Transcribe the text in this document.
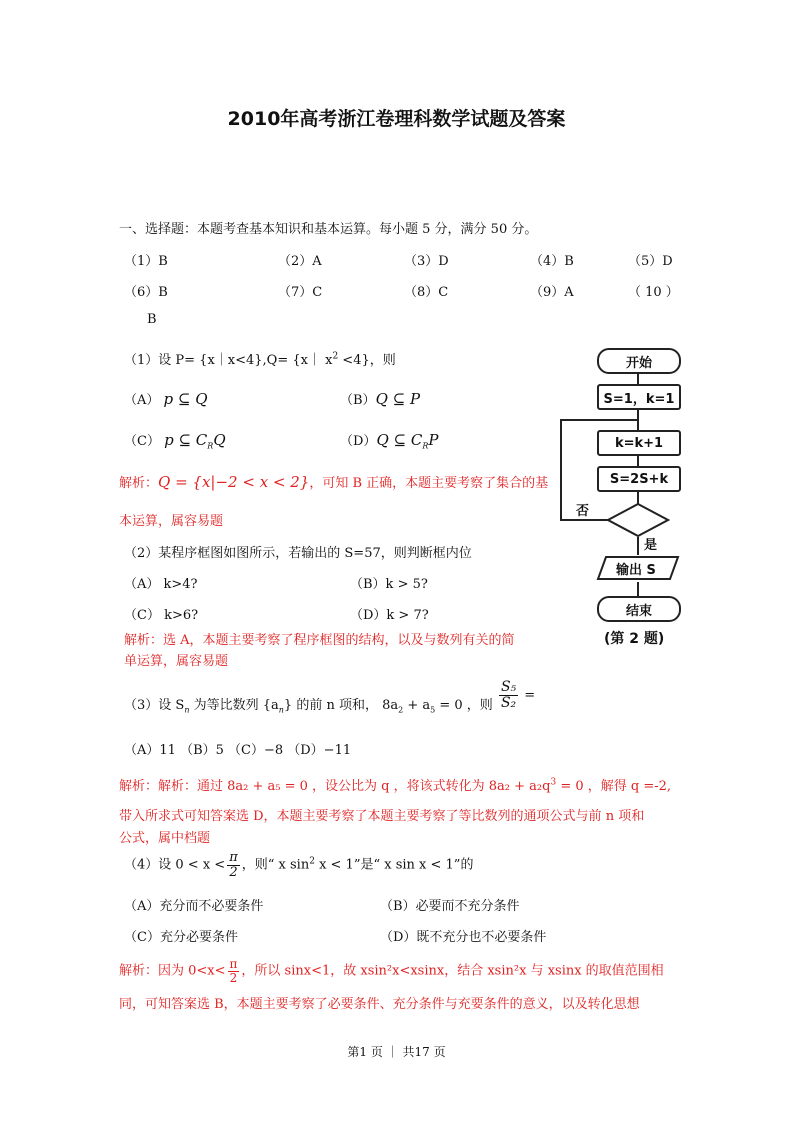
2010年高考浙江卷理科数学试题及答案
一、选择题：本题考查基本知识和基本运算。每小题 5 分，满分 50 分。
（1）B	（2）A	（3）D	（4）B	（5）D
（6）B	（7）C	（8）C	（9）A	（ 10 ）
B
（1）设 P= {x｜x<4},Q= {x｜ $x^2 <4$}，则
（A） p ⊆ Q	（B）Q ⊆ P
（C） p ⊆ $C_RQ$	（D）Q ⊆ $C_RP$
解析：Q = {x|−2 < x < 2}，可知 B 正确，本题主要考察了集合的基
本运算，属容易题
（2）某程序框图如图所示，若输出的 S=57，则判断框内位
（A） k>4?	（B）k > 5?
（C） k>6?	（D）k > 7?
解析：选 A，本题主要考察了程序框图的结构，以及与数列有关的简
单运算，属容易题
开始
S=1，k=1
k=k+1
S=2S+k
否
是
输出 S
结束
(第 2 题)
（3）设 $S_n$ 为等比数列 $\{a_n\}$ 的前 n 项和， $8a_2 + a_5 = 0$ ，则 $\frac{\text{S₅}}{\text{S₂}}$ =
（A）11 （B）5 （C）−8 （D）−11
解析：解析：通过 8a₂ + a₅ = 0 ，设公比为 q ，将该式转化为 $8a_2 + a_2q^3 = 0$ ，解得 q =-2,
带入所求式可知答案选 D，本题主要考察了本题主要考察了等比数列的通项公式与前 n 项和
公式，属中档题
（4）设 $0 < x < \frac{\pi}{2}$ ，则“ x $\sin^2 x < 1$”是“ x sin x < 1”的
（A）充分而不必要条件	（B）必要而不充分条件
（C）充分必要条件	（D）既不充分也不必要条件
解析：因为 $0<x< \frac{\pi}{2}$ ，所以 sinx<1，故 xsin²x<xsinx，结合 xsin²x 与 xsinx 的取值范围相
同，可知答案选 B，本题主要考察了必要条件、充分条件与充要条件的意义，以及转化思想
第1 页 ｜ 共17 页
